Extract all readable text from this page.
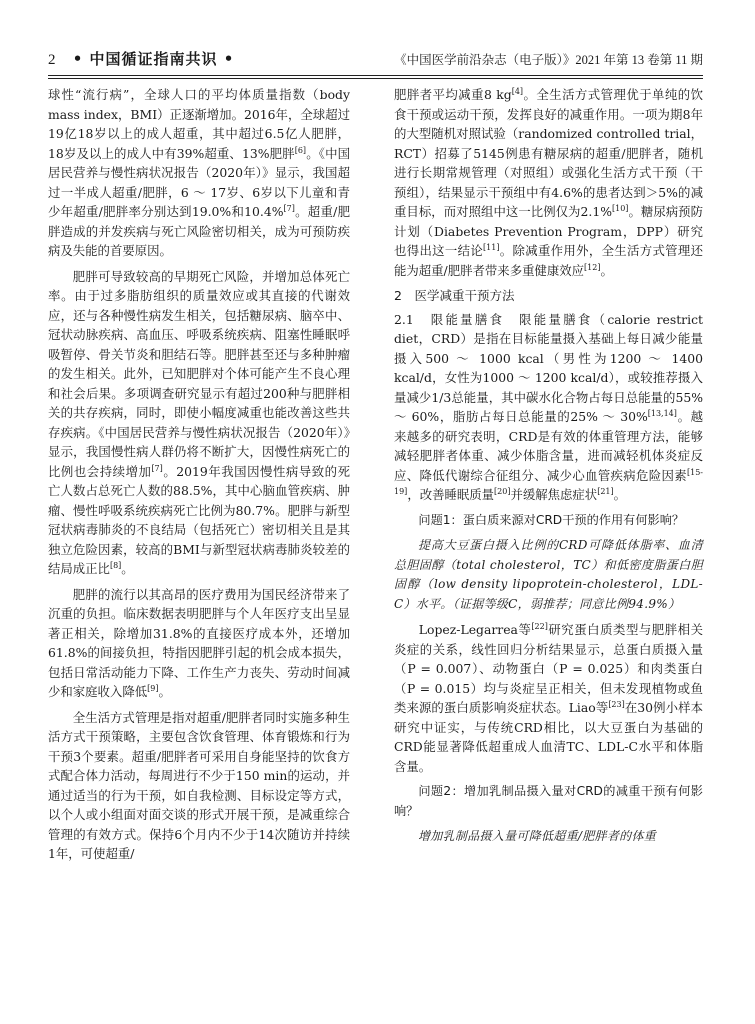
2 • 中国循证指南共识 •	《中国医学前沿杂志（电子版）》2021 年第 13 卷第 11 期

球性“流行病”，全球人口的平均体质量指数（body mass index，BMI）正逐渐增加。2016年，全球超过19亿18岁以上的成人超重，其中超过6.5亿人肥胖，18岁及以上的成人中有39%超重、13%肥胖[6]。《中国居民营养与慢性病状况报告（2020年）》显示，我国超过一半成人超重/肥胖，6 ～ 17岁、6岁以下儿童和青少年超重/肥胖率分别达到19.0%和10.4%[7]。超重/肥胖造成的并发疾病与死亡风险密切相关，成为可预防疾病及失能的首要原因。

肥胖可导致较高的早期死亡风险，并增加总体死亡率。由于过多脂肪组织的质量效应或其直接的代谢效应，还与各种慢性病发生相关，包括糖尿病、脑卒中、冠状动脉疾病、高血压、呼吸系统疾病、阻塞性睡眠呼吸暂停、骨关节炎和胆结石等。肥胖甚至还与多种肿瘤的发生相关。此外，已知肥胖对个体可能产生不良心理和社会后果。多项调查研究显示有超过200种与肥胖相关的共存疾病，同时，即使小幅度减重也能改善这些共存疾病。《中国居民营养与慢性病状况报告（2020年）》显示，我国慢性病人群仍将不断扩大，因慢性病死亡的比例也会持续增加[7]。2019年我国因慢性病导致的死亡人数占总死亡人数的88.5%，其中心脑血管疾病、肿瘤、慢性呼吸系统疾病死亡比例为80.7%。肥胖与新型冠状病毒肺炎的不良结局（包括死亡）密切相关且是其独立危险因素，较高的BMI与新型冠状病毒肺炎较差的结局成正比[8]。

肥胖的流行以其高昂的医疗费用为国民经济带来了沉重的负担。临床数据表明肥胖与个人年医疗支出呈显著正相关，除增加31.8%的直接医疗成本外，还增加61.8%的间接负担，特指因肥胖引起的机会成本损失，包括日常活动能力下降、工作生产力丧失、劳动时间减少和家庭收入降低[9]。

全生活方式管理是指对超重/肥胖者同时实施多种生活方式干预策略，主要包含饮食管理、体育锻炼和行为干预3个要素。超重/肥胖者可采用自身能坚持的饮食方式配合体力活动，每周进行不少于150 min的运动，并通过适当的行为干预，如自我检测、目标设定等方式，以个人或小组面对面交谈的形式开展干预，是减重综合管理的有效方式。保持6个月内不少于14次随访并持续1年，可使超重/

肥胖者平均减重8 kg[4]。全生活方式管理优于单纯的饮食干预或运动干预，发挥良好的减重作用。一项为期8年的大型随机对照试验（randomized controlled trial，RCT）招募了5145例患有糖尿病的超重/肥胖者，随机进行长期常规管理（对照组）或强化生活方式干预（干预组），结果显示干预组中有4.6%的患者达到＞5%的减重目标，而对照组中这一比例仅为2.1%[10]。糖尿病预防计划（Diabetes Prevention Program，DPP）研究也得出这一结论[11]。除减重作用外，全生活方式管理还能为超重/肥胖者带来多重健康效应[12]。

2　医学减重干预方法

2.1　限能量膳食　限能量膳食（calorie restrict diet，CRD）是指在目标能量摄入基础上每日减少能量摄入500 ～ 1000 kcal（男性为1200 ～ 1400 kcal/d，女性为1000 ～ 1200 kcal/d），或较推荐摄入量减少1/3总能量，其中碳水化合物占每日总能量的55% ～ 60%，脂肪占每日总能量的25% ～ 30%[13,14]。越来越多的研究表明，CRD是有效的体重管理方法，能够减轻肥胖者体重、减少体脂含量，进而减轻机体炎症反应、降低代谢综合征组分、减少心血管疾病危险因素[15-19]，改善睡眠质量[20]并缓解焦虑症状[21]。

问题1：蛋白质来源对CRD干预的作用有何影响？

提高大豆蛋白摄入比例的CRD可降低体脂率、血清总胆固醇（total cholesterol，TC）和低密度脂蛋白胆固醇（low density lipoprotein-cholesterol，LDL-C）水平。（证据等级C，弱推荐；同意比例94.9%）

Lopez-Legarrea等[22]研究蛋白质类型与肥胖相关炎症的关系，线性回归分析结果显示，总蛋白质摄入量（P = 0.007）、动物蛋白（P = 0.025）和肉类蛋白（P = 0.015）均与炎症呈正相关，但未发现植物或鱼类来源的蛋白质影响炎症状态。Liao等[23]在30例小样本研究中证实，与传统CRD相比，以大豆蛋白为基础的CRD能显著降低超重成人血清TC、LDL-C水平和体脂含量。

问题2：增加乳制品摄入量对CRD的减重干预有何影响？

增加乳制品摄入量可降低超重/肥胖者的体重
